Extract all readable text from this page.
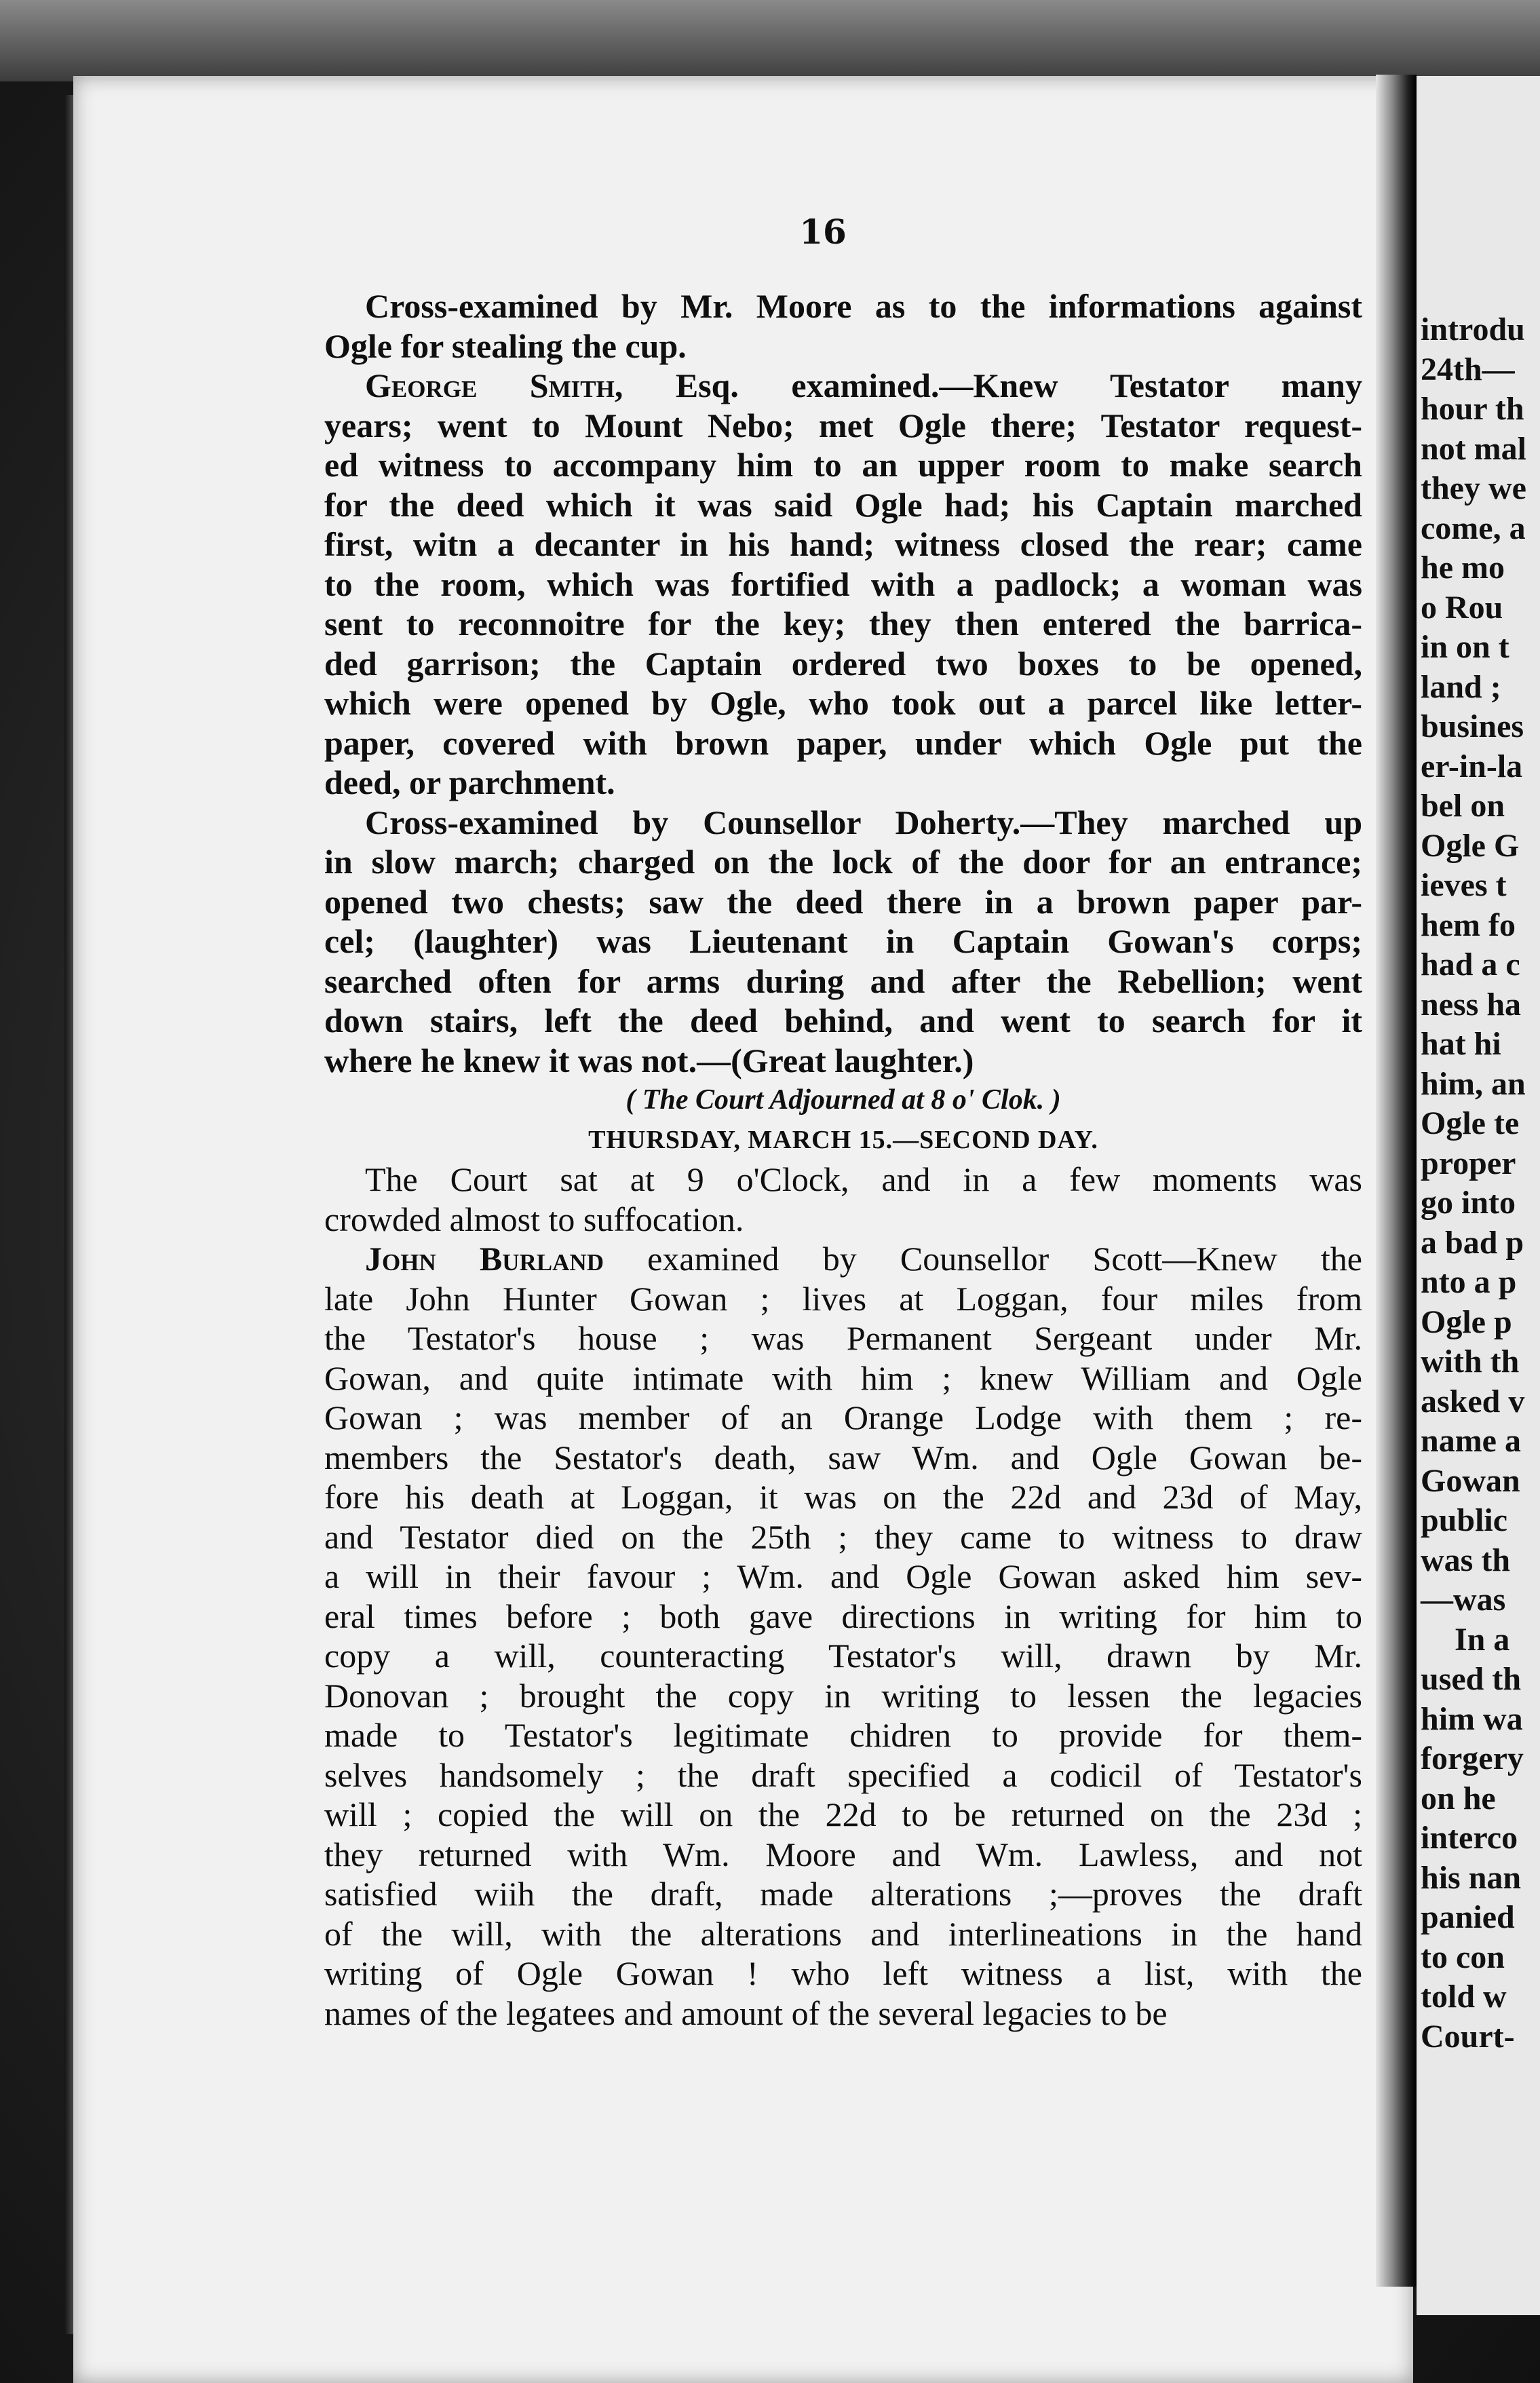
introdu
24th—
hour th
not mal
they we
come, a
he mo
o Rou
in on t
land ;
busines
er-in-la
bel on
Ogle G
ieves t
hem fo
had a c
ness ha
hat hi
him, an
Ogle te
proper
go into
a bad p
nto a p
Ogle p
with th
asked v
name a
Gowan
public
was th
—was
In a
used th
him wa
forgery
on he
interco
his nan
panied
to con
told w
Court-
16
Cross-examined by Mr. Moore as to the informations against
Ogle for stealing the cup.
George Smith, Esq. examined.—Knew Testator many
years; went to Mount Nebo; met Ogle there; Testator request-
ed witness to accompany him to an upper room to make search
for the deed which it was said Ogle had; his Captain marched
first, witn a decanter in his hand; witness closed the rear; came
to the room, which was fortified with a padlock; a woman was
sent to reconnoitre for the key; they then entered the barrica-
ded garrison; the Captain ordered two boxes to be opened,
which were opened by Ogle, who took out a parcel like letter-
paper, covered with brown paper, under which Ogle put the
deed, or parchment.
Cross-examined by Counsellor Doherty.—They marched up
in slow march; charged on the lock of the door for an entrance;
opened two chests; saw the deed there in a brown paper par-
cel; (laughter) was Lieutenant in Captain Gowan's corps;
searched often for arms during and after the Rebellion; went
down stairs, left the deed behind, and went to search for it
where he knew it was not.—(Great laughter.)
( The Court Adjourned at 8 o' Clok. )
THURSDAY, MARCH 15.—SECOND DAY.
The Court sat at 9 o'Clock, and in a few moments was
crowded almost to suffocation.
John Burland examined by Counsellor Scott—Knew the
late John Hunter Gowan ; lives at Loggan, four miles from
the Testator's house ; was Permanent Sergeant under Mr.
Gowan, and quite intimate with him ; knew William and Ogle
Gowan ; was member of an Orange Lodge with them ; re-
members the Sestator's death, saw Wm. and Ogle Gowan be-
fore his death at Loggan, it was on the 22d and 23d of May,
and Testator died on the 25th ; they came to witness to draw
a will in their favour ; Wm. and Ogle Gowan asked him sev-
eral times before ; both gave directions in writing for him to
copy a will, counteracting Testator's will, drawn by Mr.
Donovan ; brought the copy in writing to lessen the legacies
made to Testator's legitimate chidren to provide for them-
selves handsomely ; the draft specified a codicil of Testator's
will ; copied the will on the 22d to be returned on the 23d ;
they returned with Wm. Moore and Wm. Lawless, and not
satisfied wiih the draft, made alterations ;—proves the draft
of the will, with the alterations and interlineations in the hand
writing of Ogle Gowan ! who left witness a list, with the
names of the legatees and amount of the several legacies to be
